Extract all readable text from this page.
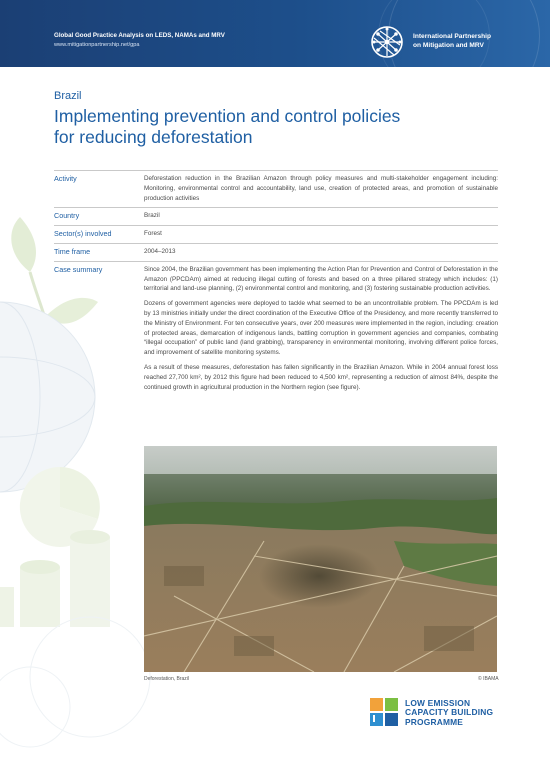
Global Good Practice Analysis on LEDS, NAMAs and MRV
www.mitigationpartnership.net/gpa
International Partnership
on Mitigation and MRV
Brazil
Implementing prevention and control policies
for reducing deforestation
Activity	Deforestation reduction in the Brazilian Amazon through policy measures and multi-stakeholder engagement including: Monitoring, environmental control and accountability, land use, creation of protected areas, and promotion of sustainable production activities
Country	Brazil
Sector(s) involved	Forest
Time frame	2004–2013
Case summary	Since 2004, the Brazilian government has been implementing the Action Plan for Prevention and Control of Deforestation in the Amazon (PPCDAm) aimed at reducing illegal cutting of forests and based on a three pillared strategy which includes: (1) territorial and land-use planning, (2) environmental control and monitoring, and (3) fostering sustainable production activities.

Dozens of government agencies were deployed to tackle what seemed to be an uncontrollable problem. The PPCDAm is led by 13 ministries initially under the direct coordination of the Executive Office of the Presidency, and more recently transferred to the Ministry of Environment. For ten consecutive years, over 200 measures were implemented in the region, including: creation of protected areas, demarcation of indigenous lands, battling corruption in government agencies and companies, combating “illegal occupation” of public land (land grabbing), transparency in environmental monitoring, involving different police forces, and improvement of satellite monitoring systems.

As a result of these measures, deforestation has fallen significantly in the Brazilian Amazon. While in 2004 annual forest loss reached 27,700 km², by 2012 this figure had been reduced to 4,500 km², representing a reduction of almost 84%, despite the continued growth in agricultural production in the Northern region (see figure).

Deforestation, Brazil	© IBAMA
LOW EMISSION
CAPACITY BUILDING
PROGRAMME
